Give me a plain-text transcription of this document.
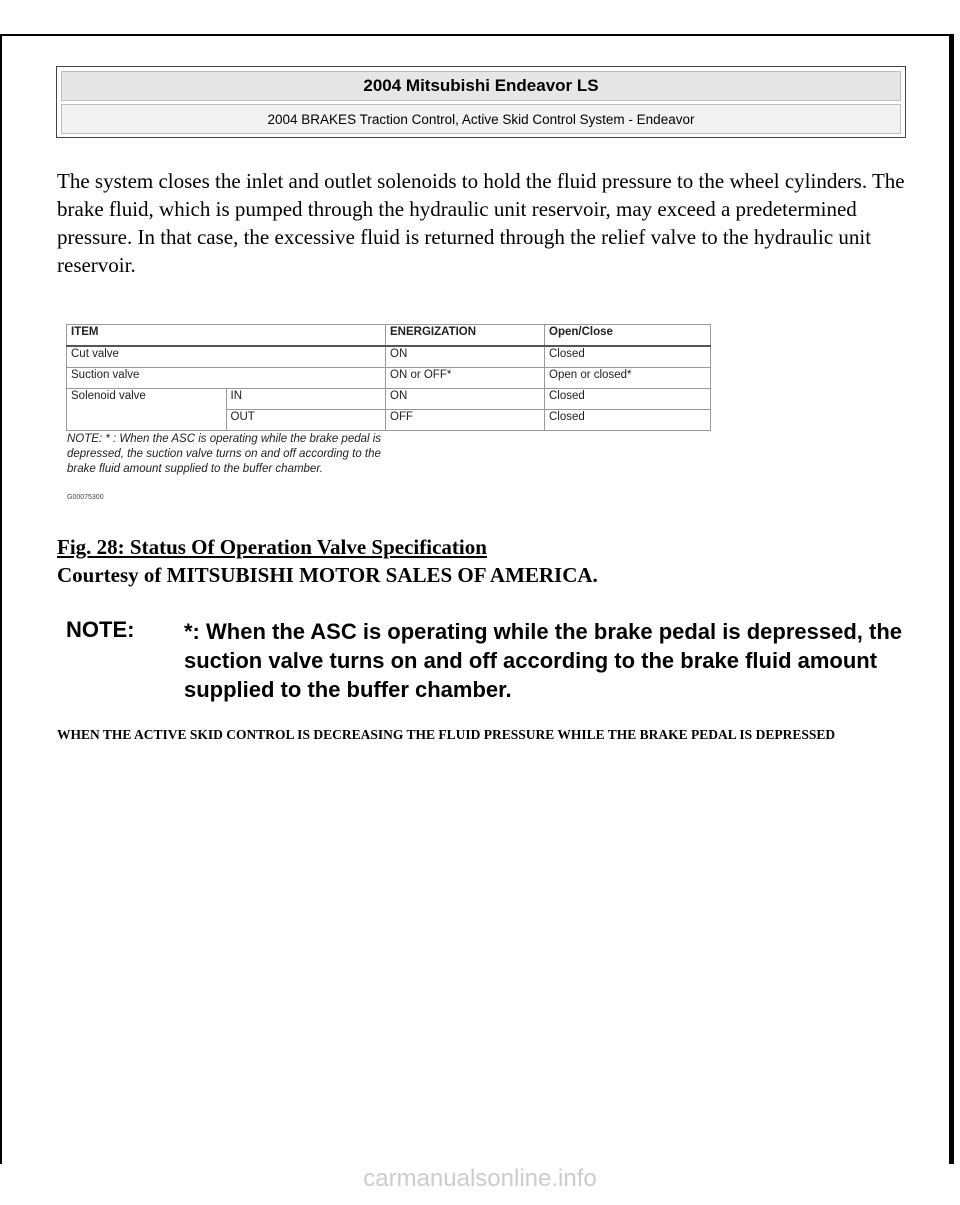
2004 Mitsubishi Endeavor LS
2004 BRAKES Traction Control, Active Skid Control System - Endeavor

The system closes the inlet and outlet solenoids to hold the fluid pressure to the wheel cylinders. The brake fluid, which is pumped through the hydraulic unit reservoir, may exceed a predetermined pressure. In that case, the excessive fluid is returned through the relief valve to the hydraulic unit reservoir.

ITEM		ENERGIZATION	Open/Close
Cut valve		ON	Closed
Suction valve		ON or OFF*	Open or closed*
Solenoid valve	IN	ON	Closed
	OUT	OFF	Closed

NOTE: * : When the ASC is operating while the brake pedal is depressed, the suction valve turns on and off according to the brake fluid amount supplied to the buffer chamber.

G00075300
Fig. 28: Status Of Operation Valve Specification
Courtesy of MITSUBISHI MOTOR SALES OF AMERICA.
NOTE: *: When the ASC is operating while the brake pedal is depressed, the suction valve turns on and off according to the brake fluid amount supplied to the buffer chamber.

WHEN THE ACTIVE SKID CONTROL IS DECREASING THE FLUID PRESSURE WHILE THE BRAKE PEDAL IS DEPRESSED

carmanualsonline.info
